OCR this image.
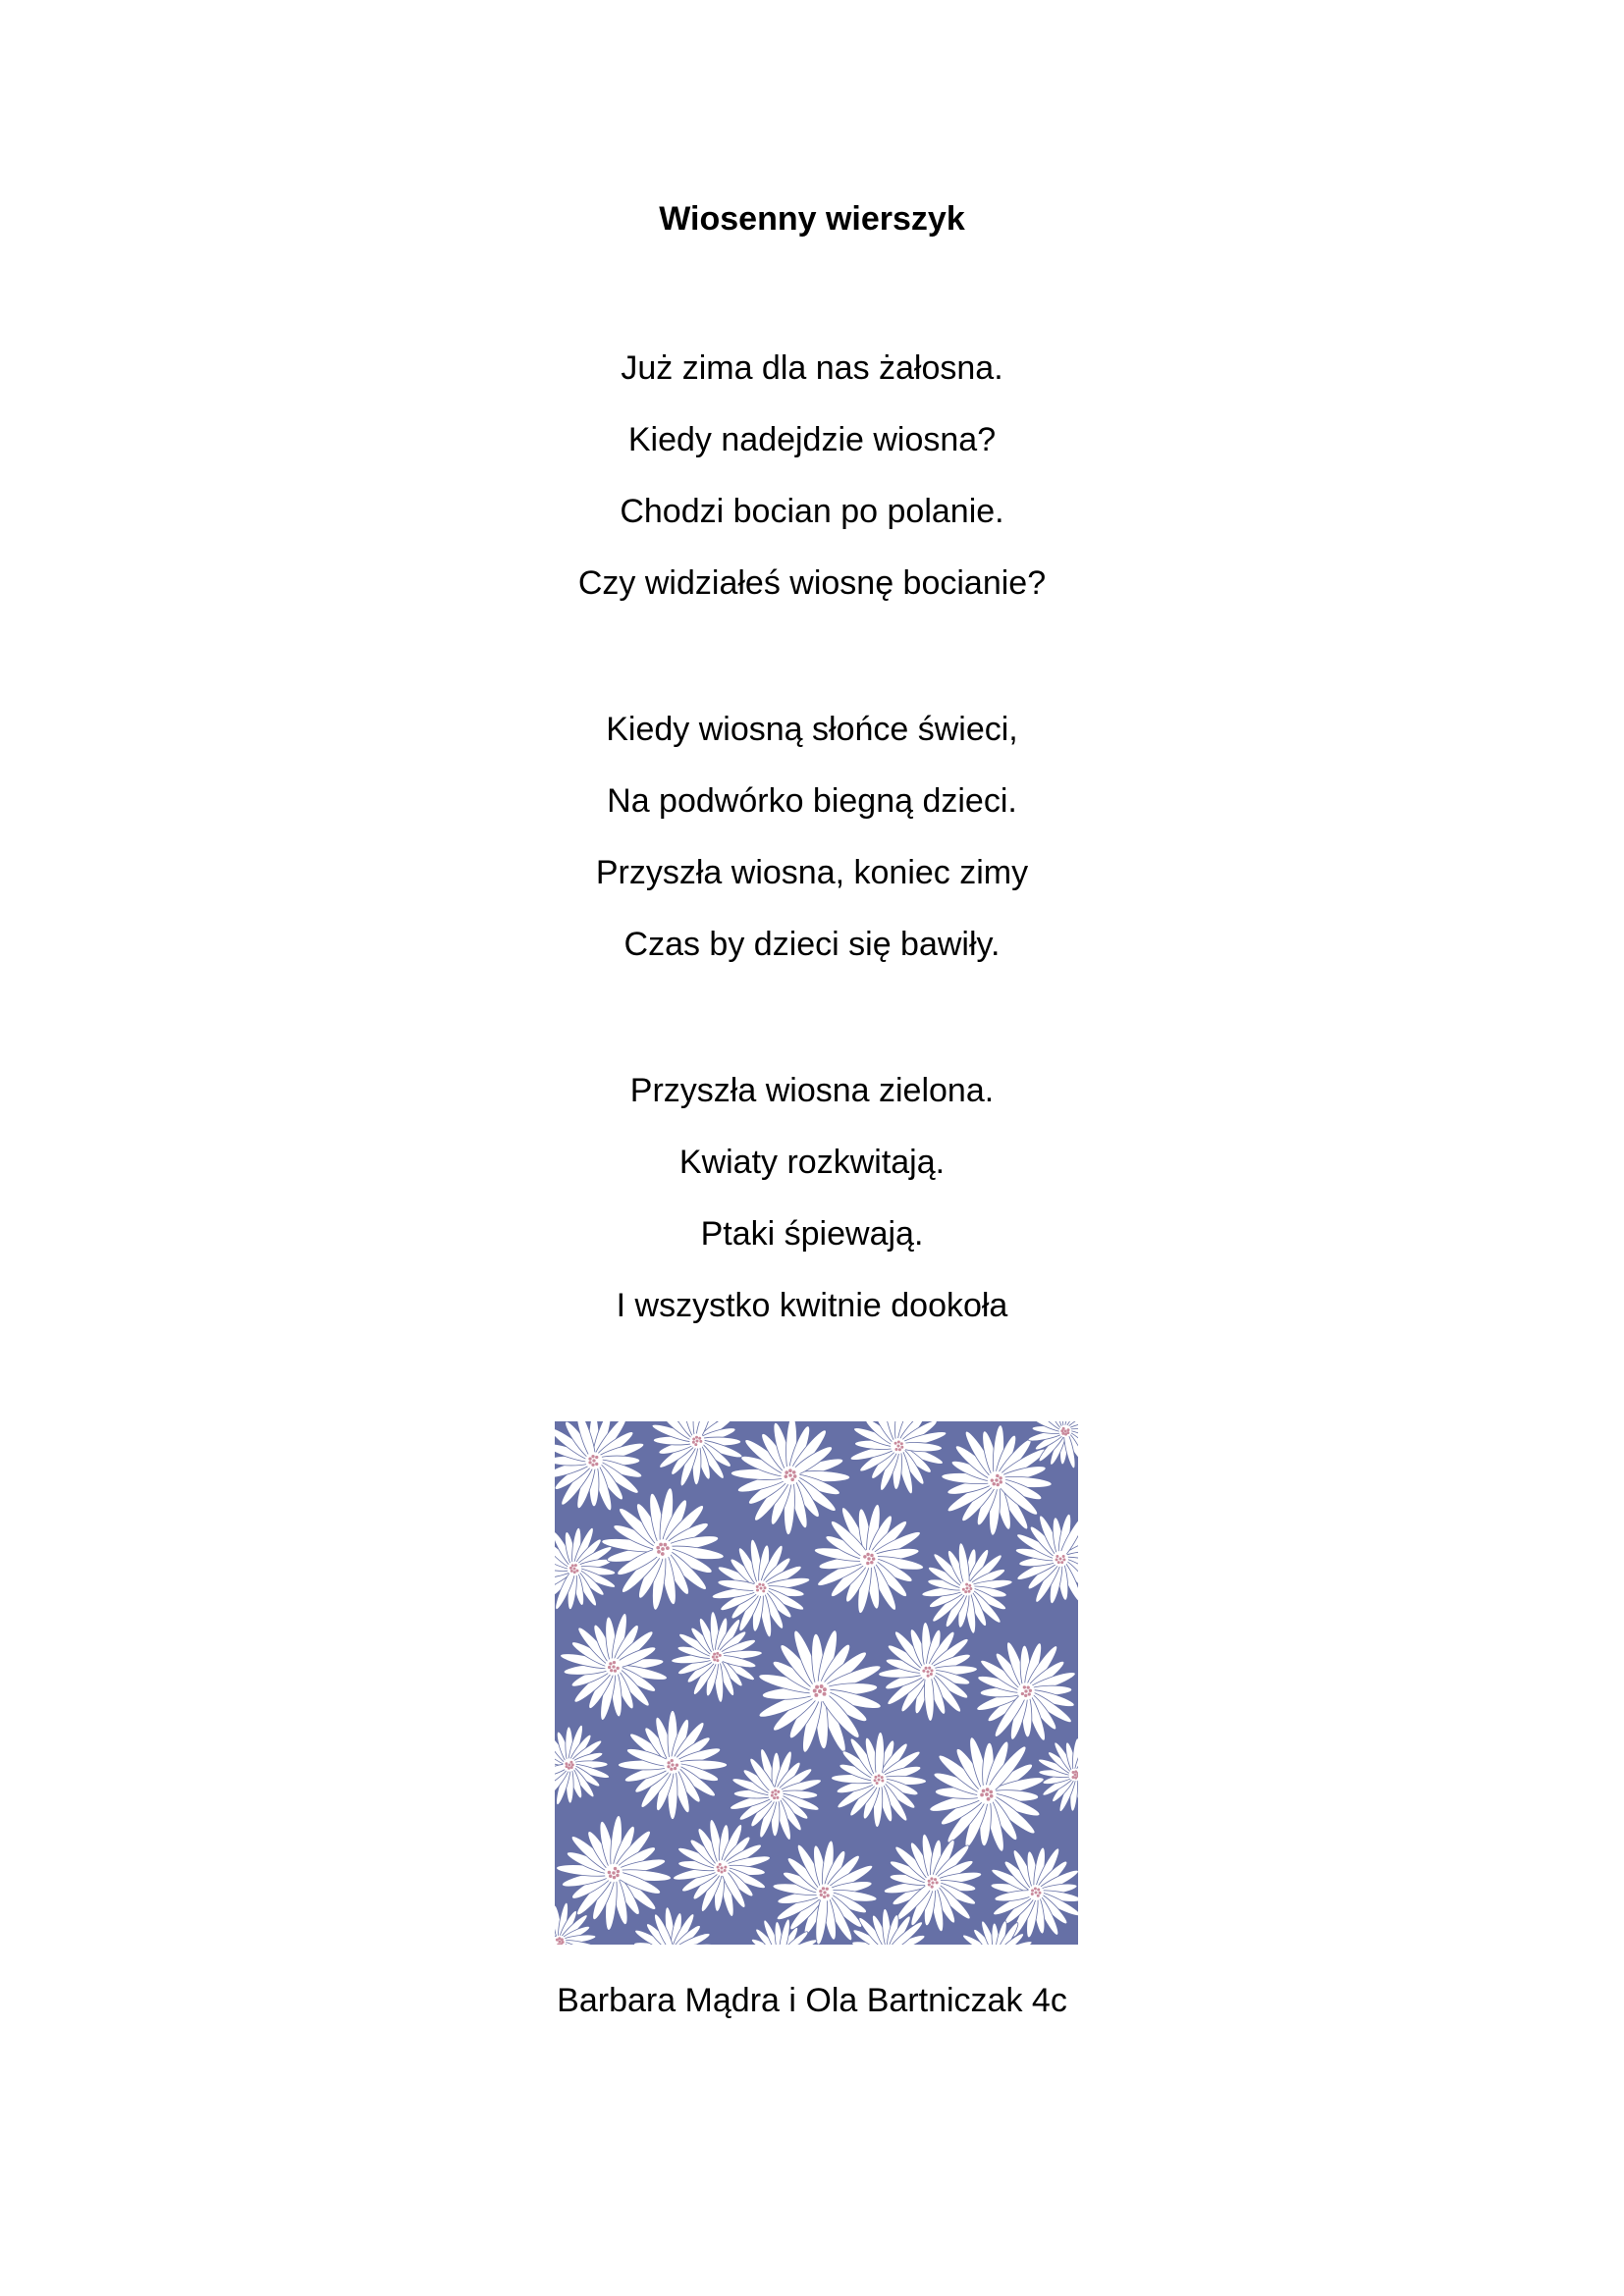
Wiosenny wierszyk
Już zima dla nas żałosna.
Kiedy nadejdzie wiosna?
Chodzi bocian po polanie.
Czy widziałeś wiosnę bocianie?
Kiedy wiosną słońce świeci,
Na podwórko biegną dzieci.
Przyszła wiosna, koniec zimy
Czas by dzieci się bawiły.
Przyszła wiosna zielona.
Kwiaty rozkwitają.
Ptaki śpiewają.
I wszystko kwitnie dookoła
Barbara Mądra i Ola Bartniczak 4c
